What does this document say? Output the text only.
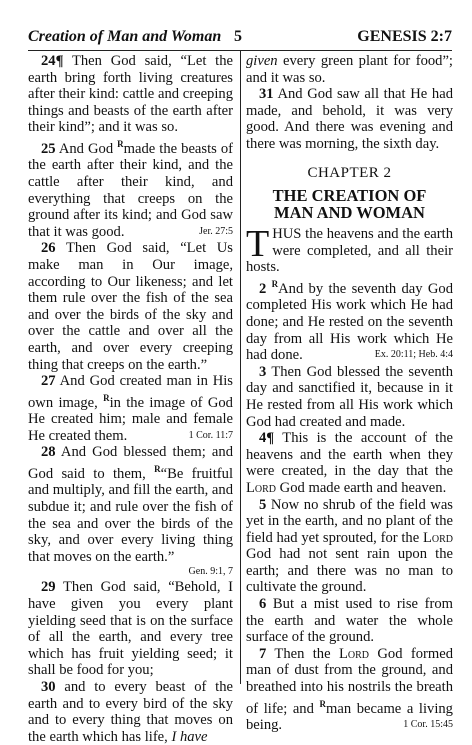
Creation of Man and Woman 5	GENESIS 2:7

24¶ Then God said, “Let the earth bring forth living creatures after their kind: cattle and creeping things and beasts of the earth after their kind”; and it was so.

25 And God $^R$made the beasts of the earth after their kind, and the cattle after their kind, and everything that creeps on the ground after its kind; and God saw that it was good.	Jer. 27:5

26 Then God said, “Let Us make man in Our image, according to Our likeness; and let them rule over the fish of the sea and over the birds of the sky and over the cattle and over all the earth, and over every creeping thing that creeps on the earth.”

27 And God created man in His own image, $^R$in the image of God He created him; male and female He created them.	1 Cor. 11:7

28 And God blessed them; and God said to them, $^R$“Be fruitful and multiply, and fill the earth, and subdue it; and rule over the fish of the sea and over the birds of the sky, and over every living thing that moves on the earth.”

Gen. 9:1, 7

29 Then God said, “Behold, I have given you every plant yielding seed that is on the surface of all the earth, and every tree which has fruit yielding seed; it shall be food for you;

30 and to every beast of the earth and to every bird of the sky and to every thing that moves on the earth which has life, I have

given every green plant for food”; and it was so.

31 And God saw all that He had made, and behold, it was very good. And there was evening and there was morning, the sixth day.

CHAPTER 2
THE CREATION OF
MAN AND WOMAN

THUS the heavens and the earth were completed, and all their hosts.

2 $^R$And by the seventh day God completed His work which He had done; and He rested on the seventh day from all His work which He had done.	Ex. 20:11; Heb. 4:4

3 Then God blessed the seventh day and sanctified it, because in it He rested from all His work which God had created and made.

4¶ This is the account of the heavens and the earth when they were created, in the day that the Lord God made earth and heaven.

5 Now no shrub of the field was yet in the earth, and no plant of the field had yet sprouted, for the Lord God had not sent rain upon the earth; and there was no man to cultivate the ground.

6 But a mist used to rise from the earth and water the whole surface of the ground.

7 Then the Lord God formed man of dust from the ground, and breathed into his nostrils the breath of life; and $^R$man became a living being.	1 Cor. 15:45
